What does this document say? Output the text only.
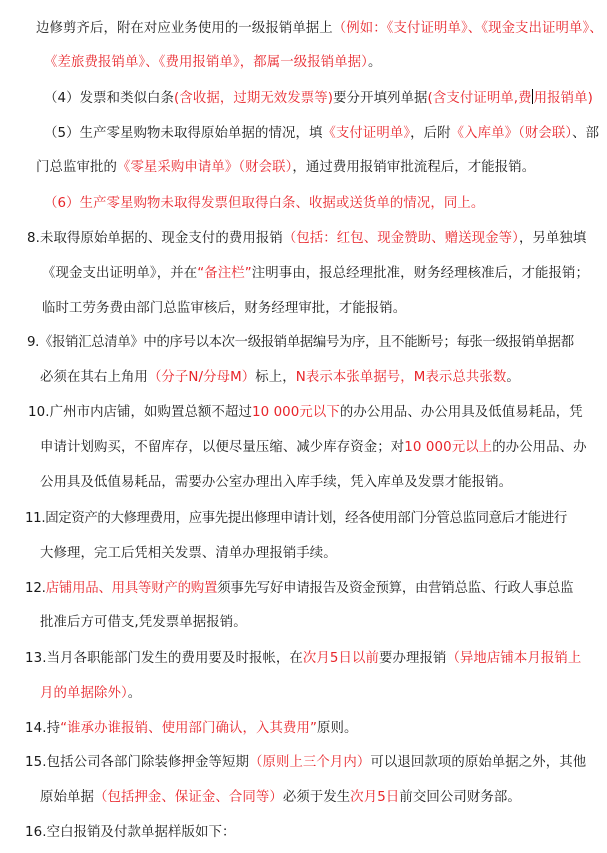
边修剪齐后，附在对应业务使用的一级报销单据上（例如：《支付证明单》、《现金支出证明单》、
《差旅费报销单》、《费用报销单》，都属一级报销单据）。
（4）发票和类似白条(含收据，过期无效发票等)要分开填列单据(含支付证明单,费 用报销单)
（5）生产零星购物未取得原始单据的情况，填《支付证明单》，后附《入库单》（财会联）、部
门总监审批的《零星采购申请单》（财会联），通过费用报销审批流程后，才能报销。
（6）生产零星购物未取得发票但取得白条、收据或送货单的情况，同上。
8.未取得原始单据的、现金支付的费用报销（包括：红包、现金赞助、赠送现金等），另单独填
《现金支出证明单》，并在“备注栏”注明事由，报总经理批准，财务经理核准后，才能报销；
临时工劳务费由部门总监审核后，财务经理审批，才能报销。
9.《报销汇总清单》中的序号以本次一级报销单据编号为序，且不能断号；每张一级报销单据都
必须在其右上角用（分子N/分母M）标上，N表示本张单据号，M表示总共张数。
10.广州市内店铺，如购置总额不超过10 000元以下的办公用品、办公用具及低值易耗品，凭
申请计划购买，不留库存，以便尽量压缩、减少库存资金；对10 000元以上的办公用品、办
公用具及低值易耗品，需要办公室办理出入库手续，凭入库单及发票才能报销。
11.固定资产的大修理费用，应事先提出修理申请计划，经各使用部门分管总监同意后才能进行
大修理，完工后凭相关发票、清单办理报销手续。
12.店铺用品、用具等财产的购置须事先写好申请报告及资金预算，由营销总监、行政人事总监
批准后方可借支,凭发票单据报销。
13.当月各职能部门发生的费用要及时报帐，在次月5日以前要办理报销（异地店铺本月报销上
月的单据除外）。
14.持“谁承办谁报销、使用部门确认，入其费用”原则。
15.包括公司各部门除装修押金等短期（原则上三个月内）可以退回款项的原始单据之外，其他
原始单据（包括押金、保证金、合同等）必须于发生次月5日前交回公司财务部。
16.空白报销及付款单据样版如下：
